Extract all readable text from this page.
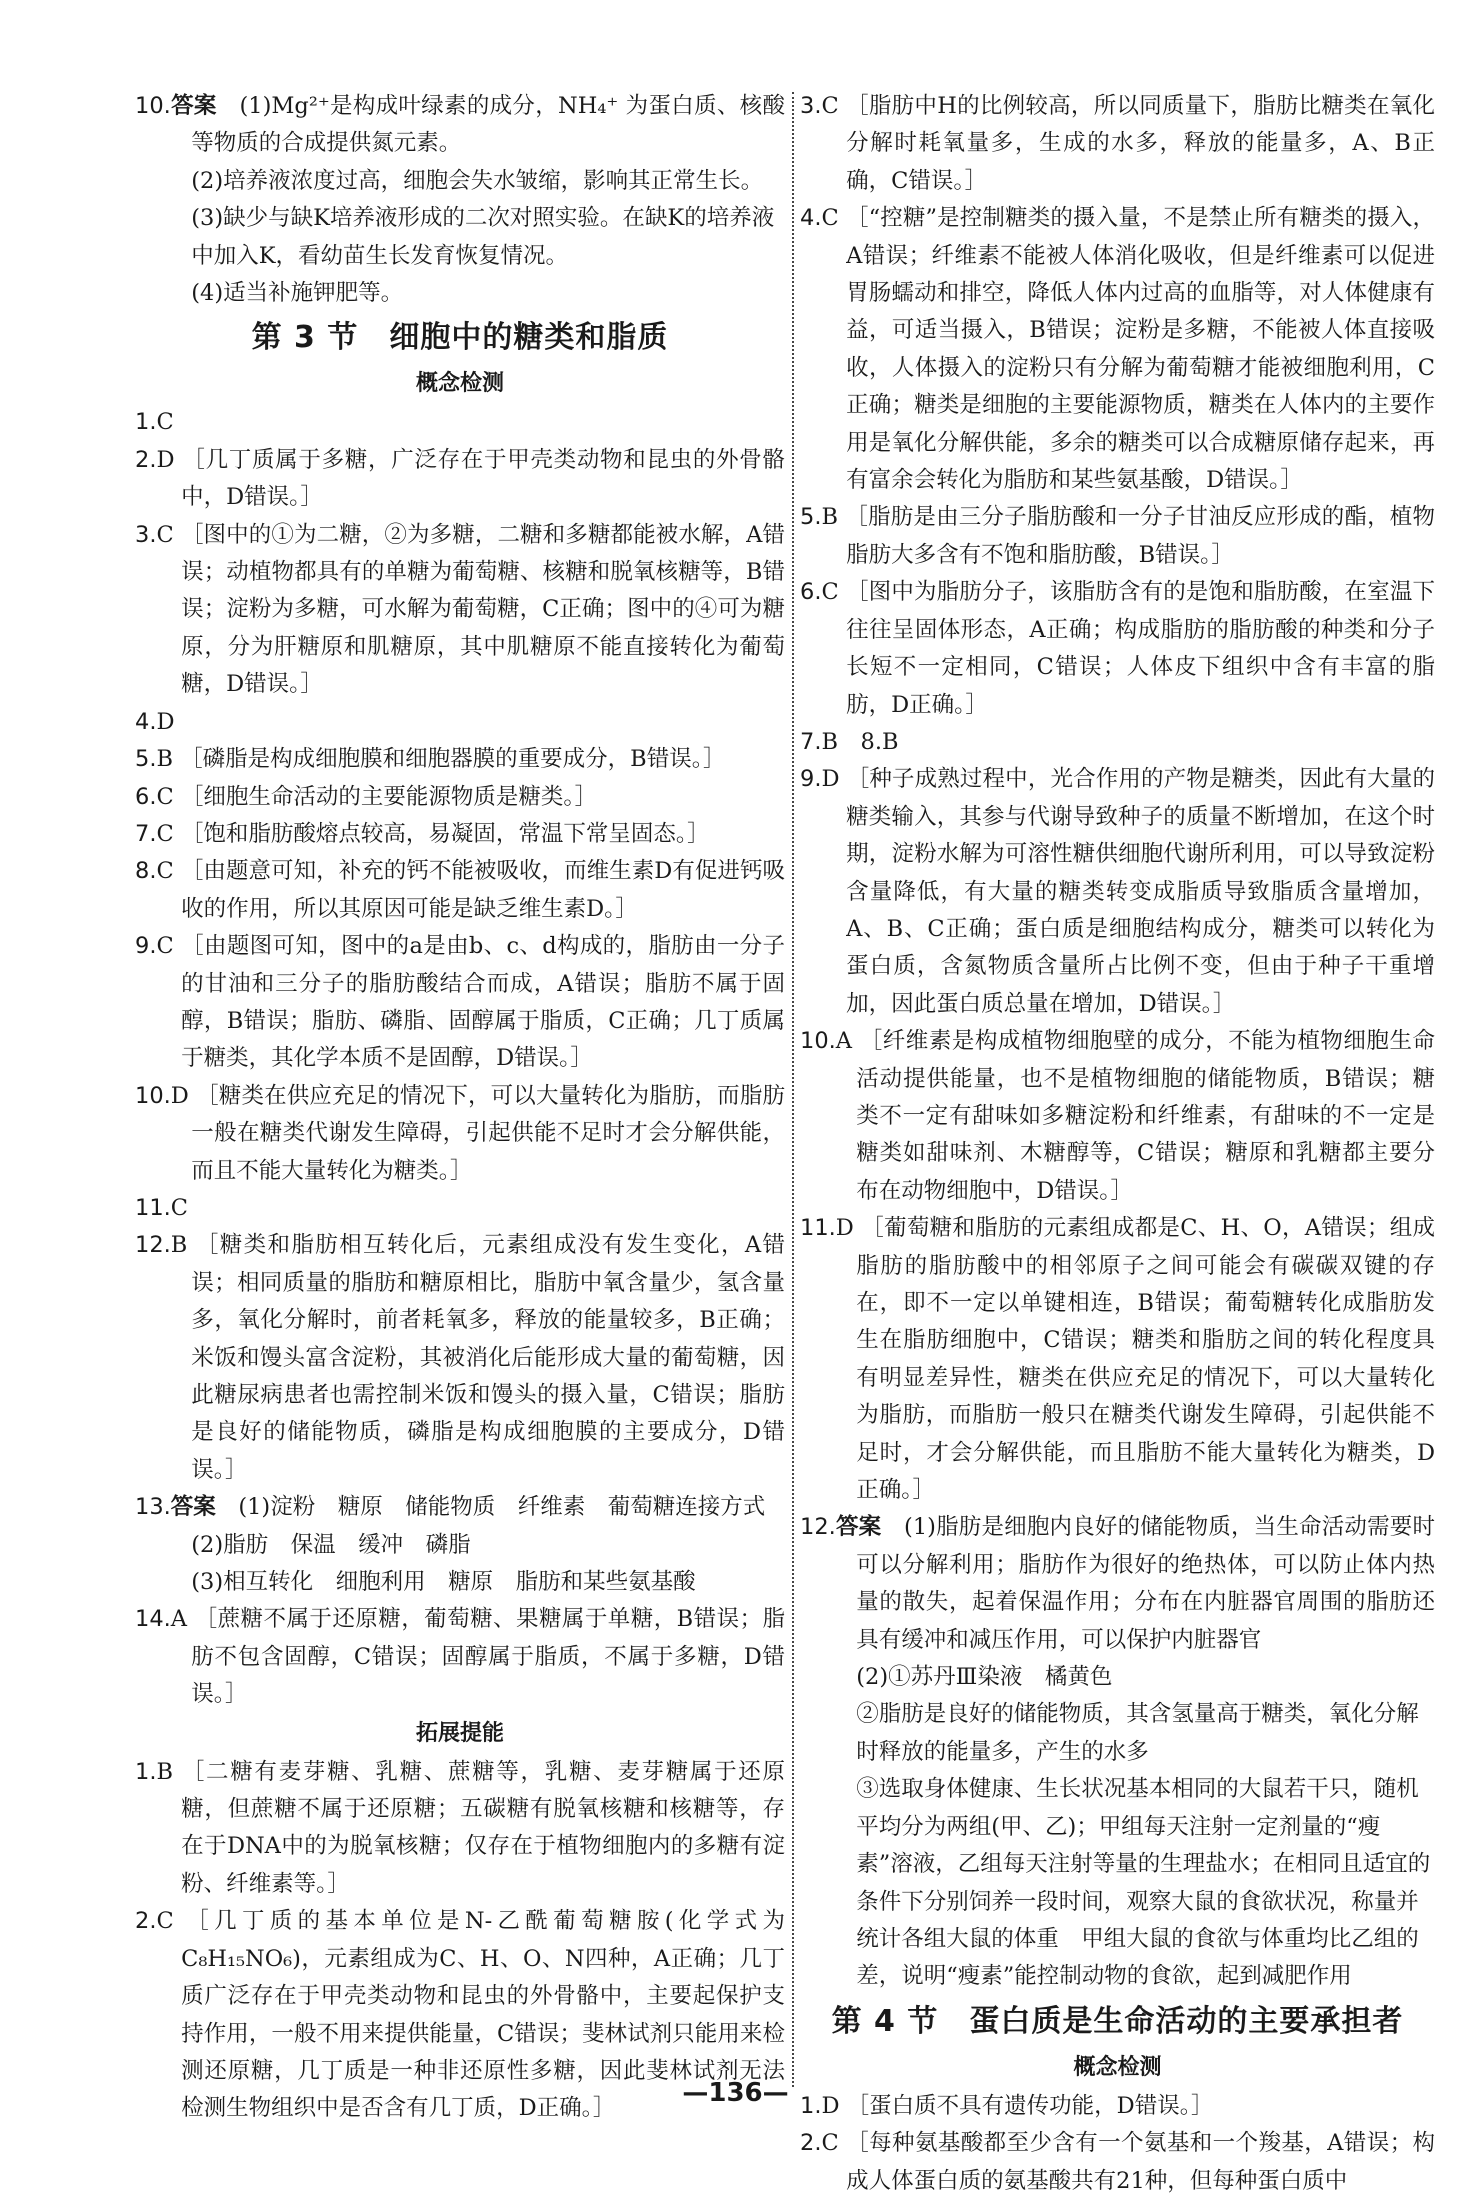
10.答案　 (1)Mg²⁺是构成叶绿素的成分，NH₄⁺ 为蛋白质、核酸等物质的合成提供氮元素。
(2)培养液浓度过高，细胞会失水皱缩，影响其正常生长。
(3)缺少与缺K培养液形成的二次对照实验。在缺K的培养液中加入K，看幼苗生长发育恢复情况。
(4)适当补施钾肥等。
第 3 节　细胞中的糖类和脂质
概念检测
1.C
2.D ［几丁质属于多糖，广泛存在于甲壳类动物和昆虫的外骨骼中，D错误。］
3.C ［图中的①为二糖，②为多糖，二糖和多糖都能被水解，A错误；动植物都具有的单糖为葡萄糖、核糖和脱氧核糖等，B错误；淀粉为多糖，可水解为葡萄糖，C正确；图中的④可为糖原，分为肝糖原和肌糖原，其中肌糖原不能直接转化为葡萄糖，D错误。］
4.D
5.B ［磷脂是构成细胞膜和细胞器膜的重要成分，B错误。］
6.C ［细胞生命活动的主要能源物质是糖类。］
7.C ［饱和脂肪酸熔点较高，易凝固，常温下常呈固态。］
8.C ［由题意可知，补充的钙不能被吸收，而维生素D有促进钙吸收的作用，所以其原因可能是缺乏维生素D。］
9.C ［由题图可知，图中的a是由b、c、d构成的，脂肪由一分子的甘油和三分子的脂肪酸结合而成，A错误；脂肪不属于固醇，B错误；脂肪、磷脂、固醇属于脂质，C正确；几丁质属于糖类，其化学本质不是固醇，D错误。］
10.D ［糖类在供应充足的情况下，可以大量转化为脂肪，而脂肪一般在糖类代谢发生障碍，引起供能不足时才会分解供能，而且不能大量转化为糖类。］
11.C
12.B ［糖类和脂肪相互转化后，元素组成没有发生变化，A错误；相同质量的脂肪和糖原相比，脂肪中氧含量少，氢含量多，氧化分解时，前者耗氧多，释放的能量较多，B正确；米饭和馒头富含淀粉，其被消化后能形成大量的葡萄糖，因此糖尿病患者也需控制米饭和馒头的摄入量，C错误；脂肪是良好的储能物质，磷脂是构成细胞膜的主要成分，D错误。］
13.答案　 (1)淀粉　糖原　储能物质　纤维素　葡萄糖连接方式
(2)脂肪　保温　缓冲　磷脂
(3)相互转化　细胞利用　糖原　脂肪和某些氨基酸
14.A ［蔗糖不属于还原糖，葡萄糖、果糖属于单糖，B错误；脂肪不包含固醇，C错误；固醇属于脂质，不属于多糖，D错误。］
拓展提能
1.B ［二糖有麦芽糖、乳糖、蔗糖等，乳糖、麦芽糖属于还原糖，但蔗糖不属于还原糖；五碳糖有脱氧核糖和核糖等，存在于DNA中的为脱氧核糖；仅存在于植物细胞内的多糖有淀粉、纤维素等。］
2.C ［几丁质的基本单位是N-乙酰葡萄糖胺(化学式为C₈H₁₅NO₆)，元素组成为C、H、O、N四种，A正确；几丁质广泛存在于甲壳类动物和昆虫的外骨骼中，主要起保护支持作用，一般不用来提供能量，C错误；斐林试剂只能用来检测还原糖，几丁质是一种非还原性多糖，因此斐林试剂无法检测生物组织中是否含有几丁质，D正确。］
3.C ［脂肪中H的比例较高，所以同质量下，脂肪比糖类在氧化分解时耗氧量多，生成的水多，释放的能量多，A、B正确，C错误。］
4.C ［“控糖”是控制糖类的摄入量，不是禁止所有糖类的摄入，A错误；纤维素不能被人体消化吸收，但是纤维素可以促进胃肠蠕动和排空，降低人体内过高的血脂等，对人体健康有益，可适当摄入，B错误；淀粉是多糖，不能被人体直接吸收，人体摄入的淀粉只有分解为葡萄糖才能被细胞利用，C正确；糖类是细胞的主要能源物质，糖类在人体内的主要作用是氧化分解供能，多余的糖类可以合成糖原储存起来，再有富余会转化为脂肪和某些氨基酸，D错误。］
5.B ［脂肪是由三分子脂肪酸和一分子甘油反应形成的酯，植物脂肪大多含有不饱和脂肪酸，B错误。］
6.C ［图中为脂肪分子，该脂肪含有的是饱和脂肪酸，在室温下往往呈固体形态，A正确；构成脂肪的脂肪酸的种类和分子长短不一定相同，C错误；人体皮下组织中含有丰富的脂肪，D正确。］
7.B　8.B
9.D ［种子成熟过程中，光合作用的产物是糖类，因此有大量的糖类输入，其参与代谢导致种子的质量不断增加，在这个时期，淀粉水解为可溶性糖供细胞代谢所利用，可以导致淀粉含量降低，有大量的糖类转变成脂质导致脂质含量增加，A、B、C正确；蛋白质是细胞结构成分，糖类可以转化为蛋白质，含氮物质含量所占比例不变，但由于种子干重增加，因此蛋白质总量在增加，D错误。］
10.A ［纤维素是构成植物细胞壁的成分，不能为植物细胞生命活动提供能量，也不是植物细胞的储能物质，B错误；糖类不一定有甜味如多糖淀粉和纤维素，有甜味的不一定是糖类如甜味剂、木糖醇等，C错误；糖原和乳糖都主要分布在动物细胞中，D错误。］
11.D ［葡萄糖和脂肪的元素组成都是C、H、O，A错误；组成脂肪的脂肪酸中的相邻原子之间可能会有碳碳双键的存在，即不一定以单键相连，B错误；葡萄糖转化成脂肪发生在脂肪细胞中，C错误；糖类和脂肪之间的转化程度具有明显差异性，糖类在供应充足的情况下，可以大量转化为脂肪，而脂肪一般只在糖类代谢发生障碍，引起供能不足时，才会分解供能，而且脂肪不能大量转化为糖类，D正确。］
12.答案　 (1)脂肪是细胞内良好的储能物质，当生命活动需要时可以分解利用；脂肪作为很好的绝热体，可以防止体内热量的散失，起着保温作用；分布在内脏器官周围的脂肪还具有缓冲和减压作用，可以保护内脏器官
(2)①苏丹Ⅲ染液　橘黄色
②脂肪是良好的储能物质，其含氢量高于糖类，氧化分解时释放的能量多，产生的水多
③选取身体健康、生长状况基本相同的大鼠若干只，随机平均分为两组(甲、乙)；甲组每天注射一定剂量的“瘦素”溶液，乙组每天注射等量的生理盐水；在相同且适宜的条件下分别饲养一段时间，观察大鼠的食欲状况，称量并统计各组大鼠的体重　甲组大鼠的食欲与体重均比乙组的差，说明“瘦素”能控制动物的食欲，起到减肥作用
第 4 节　蛋白质是生命活动的主要承担者
概念检测
1.D ［蛋白质不具有遗传功能，D错误。］
2.C ［每种氨基酸都至少含有一个氨基和一个羧基，A错误；构成人体蛋白质的氨基酸共有21种，但每种蛋白质中
—136—
